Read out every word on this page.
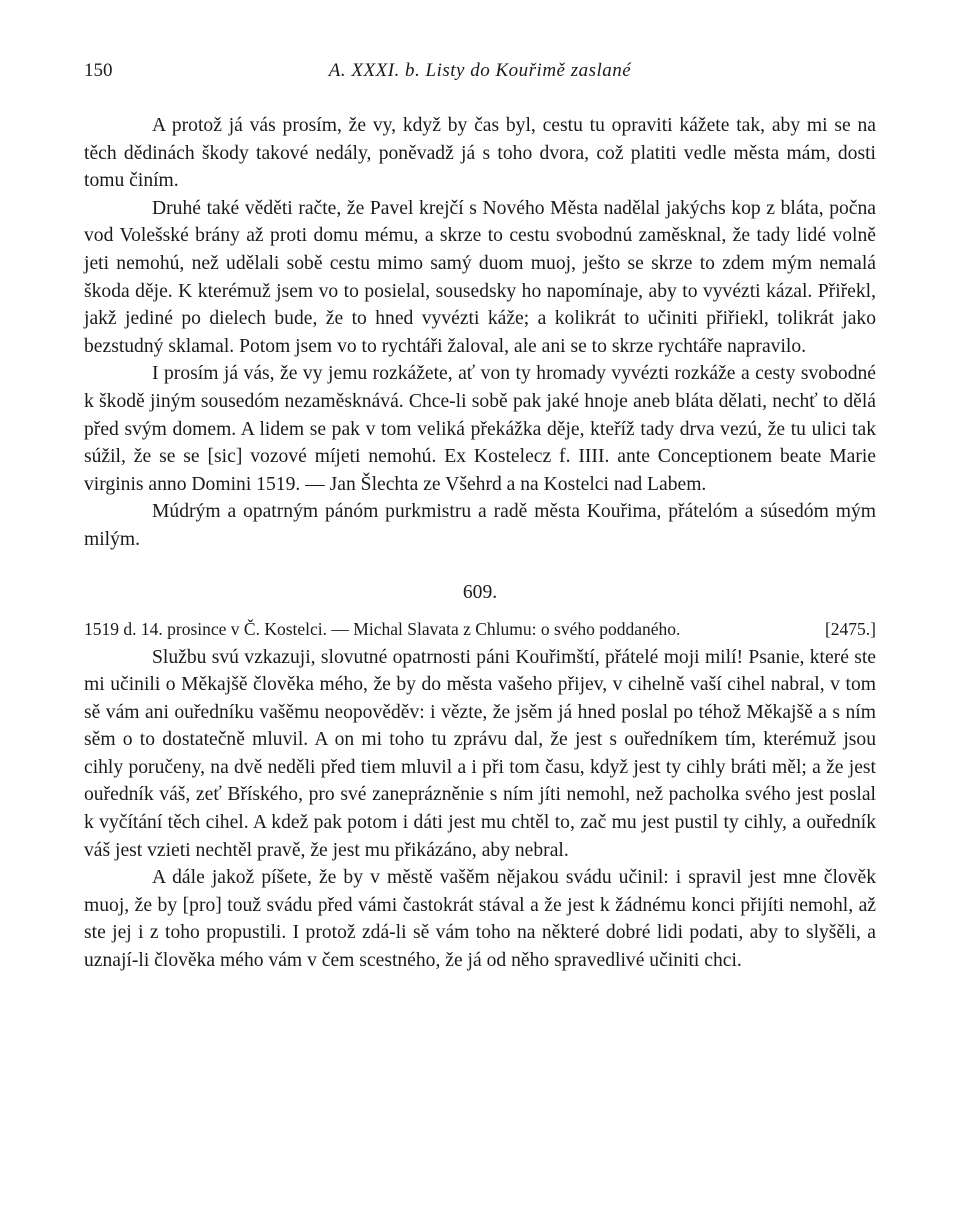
150	A. XXXI. b. Listy do Kouřimě zaslané

A protož já vás prosím, že vy, když by čas byl, cestu tu opraviti kážete tak, aby mi se na těch dědinách škody takové nedály, poněvadž já s toho dvora, což platiti vedle města mám, dosti tomu činím.

Druhé také věděti račte, že Pavel krejčí s Nového Města nadělal jakýchs kop z bláta, počna vod Volešské brány až proti domu mému, a skrze to cestu svobodnú zaměsknal, že tady lidé volně jeti nemohú, než udělali sobě cestu mimo samý duom muoj, ješto se skrze to zdem mým nemalá škoda děje. K kterémuž jsem vo to posielal, sousedsky ho napomínaje, aby to vyvézti kázal. Přiřekl, jakž jediné po dielech bude, že to hned vyvézti káže; a kolikrát to učiniti přiřiekl, tolikrát jako bezstudný sklamal. Potom jsem vo to rychtáři žaloval, ale ani se to skrze rychtáře napravilo.

I prosím já vás, že vy jemu rozkážete, ať von ty hromady vyvézti rozkáže a cesty svobodné k škodě jiným sousedóm nezaměsknává. Chce-li sobě pak jaké hnoje aneb bláta dělati, nechť to dělá před svým domem. A lidem se pak v tom veliká překážka děje, kteříž tady drva vezú, že tu ulici tak súžil, že se se [sic] vozové míjeti nemohú. Ex Kostelecz f. IIII. ante Conceptionem beate Marie virginis anno Domini 1519. — Jan Šlechta ze Všehrd a na Kostelci nad Labem.

Múdrým a opatrným pánóm purkmistru a radě města Kouřima, přátelóm a súsedóm mým milým.

609.
1519 d. 14. prosince v Č. Kostelci. — Michal Slavata z Chlumu: o svého poddaného.	[2475.]

Službu svú vzkazuji, slovutné opatrnosti páni Kouřimští, přátelé moji milí! Psanie, které ste mi učinili o Měkajšě člověka mého, že by do města vašeho přijev, v cihelně vaší cihel nabral, v tom sě vám ani ouředníku vašěmu neopověděv: i vězte, že jsěm já hned poslal po téhož Měkajšě a s ním sěm o to dostatečně mluvil. A on mi toho tu zprávu dal, že jest s ouředníkem tím, kterémuž jsou cihly poručeny, na dvě neděli před tiem mluvil a i při tom času, když jest ty cihly bráti měl; a že jest ouředník váš, zeť Bříského, pro své zaneprázněnie s ním jíti nemohl, než pacholka svého jest poslal k vyčítání těch cihel. A kdež pak potom i dáti jest mu chtěl to, zač mu jest pustil ty cihly, a ouředník váš jest vzieti nechtěl pravě, že jest mu přikázáno, aby nebral.

A dále jakož píšete, že by v městě vašěm nějakou svádu učinil: i spravil jest mne člověk muoj, že by [pro] touž svádu před vámi častokrát stával a že jest k žádnému konci přijíti nemohl, až ste jej i z toho propustili. I protož zdá-li sě vám toho na některé dobré lidi podati, aby to slyšěli, a uznají-li člověka mého vám v čem scestného, že já od něho spravedlivé učiniti chci.
